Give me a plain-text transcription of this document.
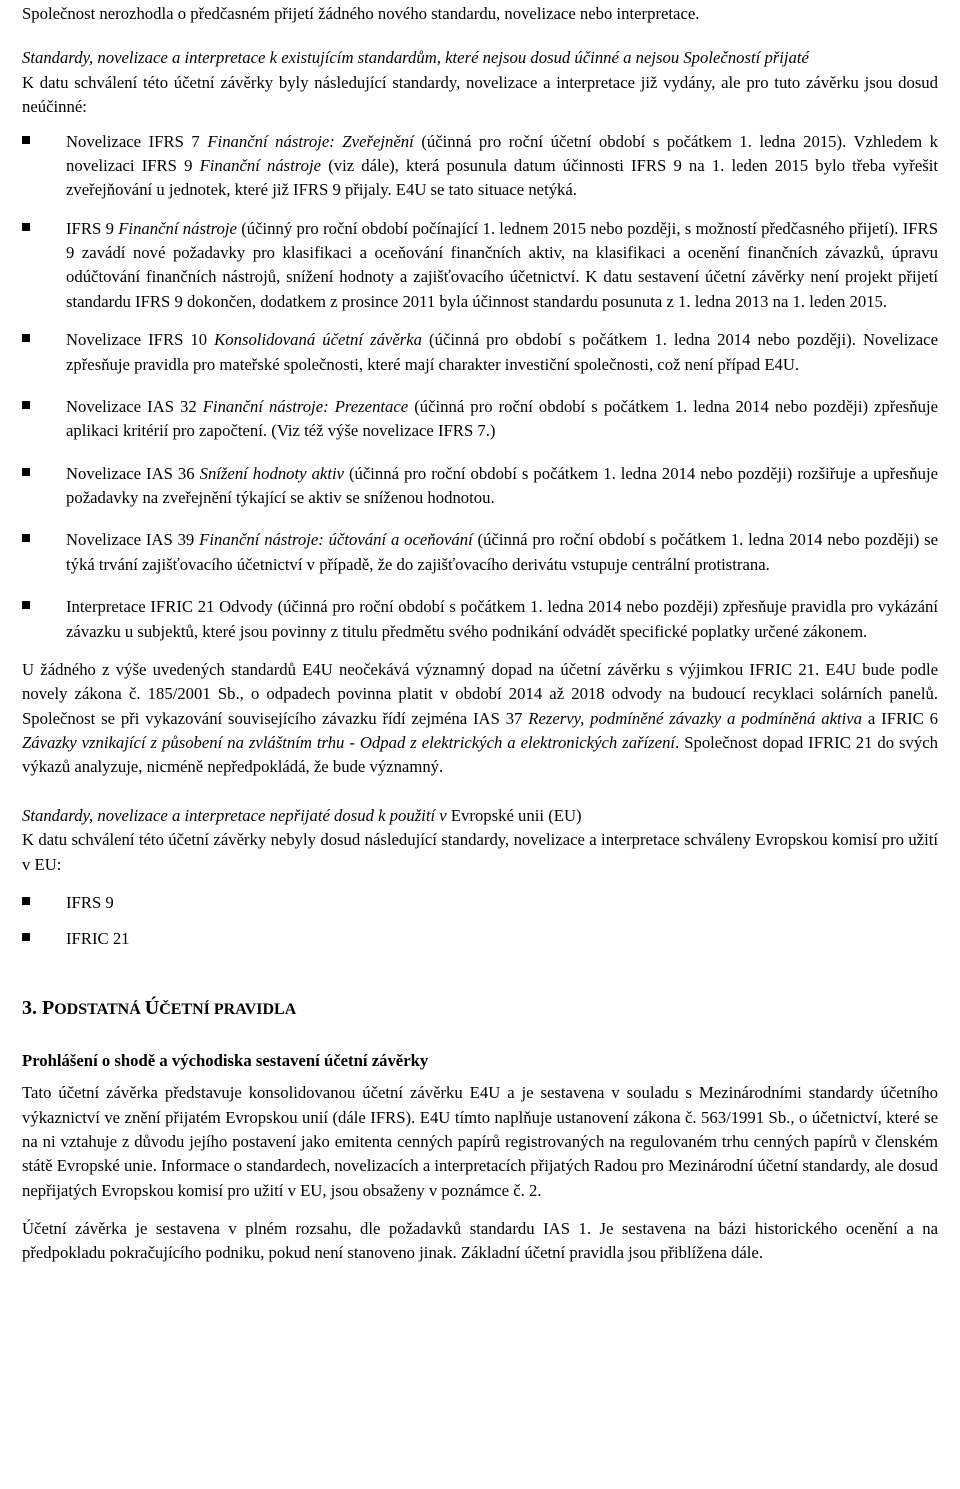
Společnost nerozhodla o předčasném přijetí žádného nového standardu, novelizace nebo interpretace.

Standardy, novelizace a interpretace k existujícím standardům, které nejsou dosud účinné a nejsou Společností přijaté

K datu schválení této účetní závěrky byly následující standardy, novelizace a interpretace již vydány, ale pro tuto závěrku jsou dosud neúčinné:

Novelizace IFRS 7 Finanční nástroje: Zveřejnění (účinná pro roční účetní období s počátkem 1. ledna 2015). Vzhledem k novelizaci IFRS 9 Finanční nástroje (viz dále), která posunula datum účinnosti IFRS 9 na 1. leden 2015 bylo třeba vyřešit zveřejňování u jednotek, které již IFRS 9 přijaly. E4U se tato situace netýká.
IFRS 9 Finanční nástroje (účinný pro roční období počínající 1. lednem 2015 nebo později, s možností předčasného přijetí). IFRS 9 zavádí nové požadavky pro klasifikaci a oceňování finančních aktiv, na klasifikaci a ocenění finančních závazků, úpravu odúčtování finančních nástrojů, snížení hodnoty a zajišťovacího účetnictví. K datu sestavení účetní závěrky není projekt přijetí standardu IFRS 9 dokončen, dodatkem z prosince 2011 byla účinnost standardu posunuta z 1. ledna 2013 na 1. leden 2015.
Novelizace IFRS 10 Konsolidovaná účetní závěrka (účinná pro období s počátkem 1. ledna 2014 nebo později). Novelizace zpřesňuje pravidla pro mateřské společnosti, které mají charakter investiční společnosti, což není případ E4U.
Novelizace IAS 32 Finanční nástroje: Prezentace (účinná pro roční období s počátkem 1. ledna 2014 nebo později) zpřesňuje aplikaci kritérií pro započtení. (Viz též výše novelizace IFRS 7.)
Novelizace IAS 36 Snížení hodnoty aktiv (účinná pro roční období s počátkem 1. ledna 2014 nebo později) rozšiřuje a upřesňuje požadavky na zveřejnění týkající se aktiv se sníženou hodnotou.
Novelizace IAS 39 Finanční nástroje: účtování a oceňování (účinná pro roční období s počátkem 1. ledna 2014 nebo později) se týká trvání zajišťovacího účetnictví v případě, že do zajišťovacího derivátu vstupuje centrální protistrana.
Interpretace IFRIC 21 Odvody (účinná pro roční období s počátkem 1. ledna 2014 nebo později) zpřesňuje pravidla pro vykázání závazku u subjektů, které jsou povinny z titulu předmětu svého podnikání odvádět specifické poplatky určené zákonem.

U žádného z výše uvedených standardů E4U neočekává významný dopad na účetní závěrku s výjimkou IFRIC 21. E4U bude podle novely zákona č. 185/2001 Sb., o odpadech povinna platit v období 2014 až 2018 odvody na budoucí recyklaci solárních panelů. Společnost se při vykazování souvisejícího závazku řídí zejména IAS 37 Rezervy, podmíněné závazky a podmíněná aktiva a IFRIC 6 Závazky vznikající z působení na zvláštním trhu - Odpad z elektrických a elektronických zařízení. Společnost dopad IFRIC 21 do svých výkazů analyzuje, nicméně nepředpokládá, že bude významný.

Standardy, novelizace a interpretace nepřijaté dosud k použití v Evropské unii (EU)

K datu schválení této účetní závěrky nebyly dosud následující standardy, novelizace a interpretace schváleny Evropskou komisí pro užití v EU:

IFRS 9
IFRIC 21
3. PODSTATNÁ ÚČETNÍ PRAVIDLA
Prohlášení o shodě a východiska sestavení účetní závěrky

Tato účetní závěrka představuje konsolidovanou účetní závěrku E4U a je sestavena v souladu s Mezinárodními standardy účetního výkaznictví ve znění přijatém Evropskou unií (dále IFRS). E4U tímto naplňuje ustanovení zákona č. 563/1991 Sb., o účetnictví, které se na ni vztahuje z důvodu jejího postavení jako emitenta cenných papírů registrovaných na regulovaném trhu cenných papírů v členském státě Evropské unie. Informace o standardech, novelizacích a interpretacích přijatých Radou pro Mezinárodní účetní standardy, ale dosud nepřijatých Evropskou komisí pro užití v EU, jsou obsaženy v poznámce č. 2.

Účetní závěrka je sestavena v plném rozsahu, dle požadavků standardu IAS 1. Je sestavena na bázi historického ocenění a na předpokladu pokračujícího podniku, pokud není stanoveno jinak. Základní účetní pravidla jsou přiblížena dále.
